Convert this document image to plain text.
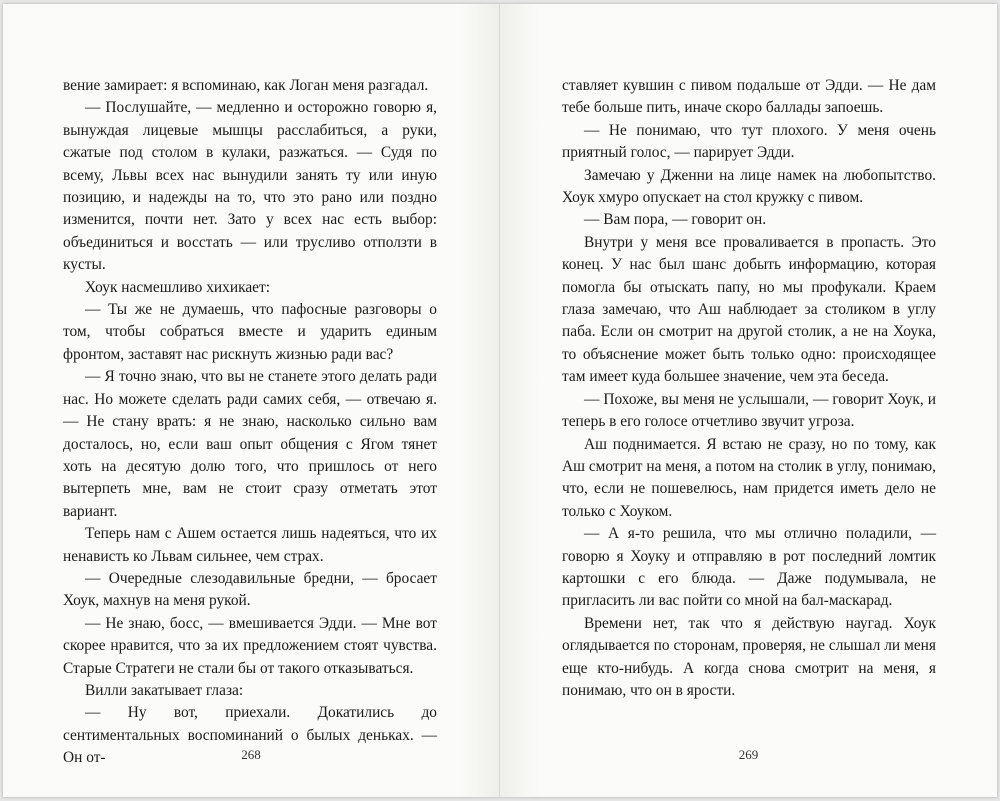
вение замирает: я вспоминаю, как Логан меня разгадал.

— Послушайте, — медленно и осторожно говорю я, вынуждая лицевые мышцы расслабиться, а руки, сжатые под столом в кулаки, разжаться. — Судя по всему, Львы всех нас вынудили занять ту или иную позицию, и надежды на то, что это рано или поздно изменится, почти нет. Зато у всех нас есть выбор: объединиться и восстать — или трусливо отползти в кусты.

Хоук насмешливо хихикает:

— Ты же не думаешь, что пафосные разговоры о том, чтобы собраться вместе и ударить единым фронтом, заставят нас рискнуть жизнью ради вас?

— Я точно знаю, что вы не станете этого делать ради нас. Но можете сделать ради самих себя, — отвечаю я. — Не стану врать: я не знаю, насколько сильно вам досталось, но, если ваш опыт общения с Ягом тянет хоть на десятую долю того, что пришлось от него вытерпеть мне, вам не стоит сразу отметать этот вариант.

Теперь нам с Ашем остается лишь надеяться, что их ненависть ко Львам сильнее, чем страх.

— Очередные слезодавильные бредни, — бросает Хоук, махнув на меня рукой.

— Не знаю, босс, — вмешивается Эдди. — Мне вот скорее нравится, что за их предложением стоят чувства. Старые Стратеги не стали бы от такого отказываться.

Вилли закатывает глаза:

— Ну вот, приехали. Докатились до сентиментальных воспоминаний о былых деньках. — Он от-	268

ставляет кувшин с пивом подальше от Эдди. — Не дам тебе больше пить, иначе скоро баллады запоешь.

— Не понимаю, что тут плохого. У меня очень приятный голос, — парирует Эдди.

Замечаю у Дженни на лице намек на любопытство. Хоук хмуро опускает на стол кружку с пивом.

— Вам пора, — говорит он.

Внутри у меня все проваливается в пропасть. Это конец. У нас был шанс добыть информацию, которая помогла бы отыскать папу, но мы профукали. Краем глаза замечаю, что Аш наблюдает за столиком в углу паба. Если он смотрит на другой столик, а не на Хоука, то объяснение может быть только одно: происходящее там имеет куда большее значение, чем эта беседа.

— Похоже, вы меня не услышали, — говорит Хоук, и теперь в его голосе отчетливо звучит угроза.

Аш поднимается. Я встаю не сразу, но по тому, как Аш смотрит на меня, а потом на столик в углу, понимаю, что, если не пошевелюсь, нам придется иметь дело не только с Хоуком.

— А я-то решила, что мы отлично поладили, — говорю я Хоуку и отправляю в рот последний ломтик картошки с его блюда. — Даже подумывала, не пригласить ли вас пойти со мной на бал-маскарад.

Времени нет, так что я действую наугад. Хоук оглядывается по сторонам, проверяя, не слышал ли меня еще кто-нибудь. А когда снова смотрит на меня, я понимаю, что он в ярости.

269
